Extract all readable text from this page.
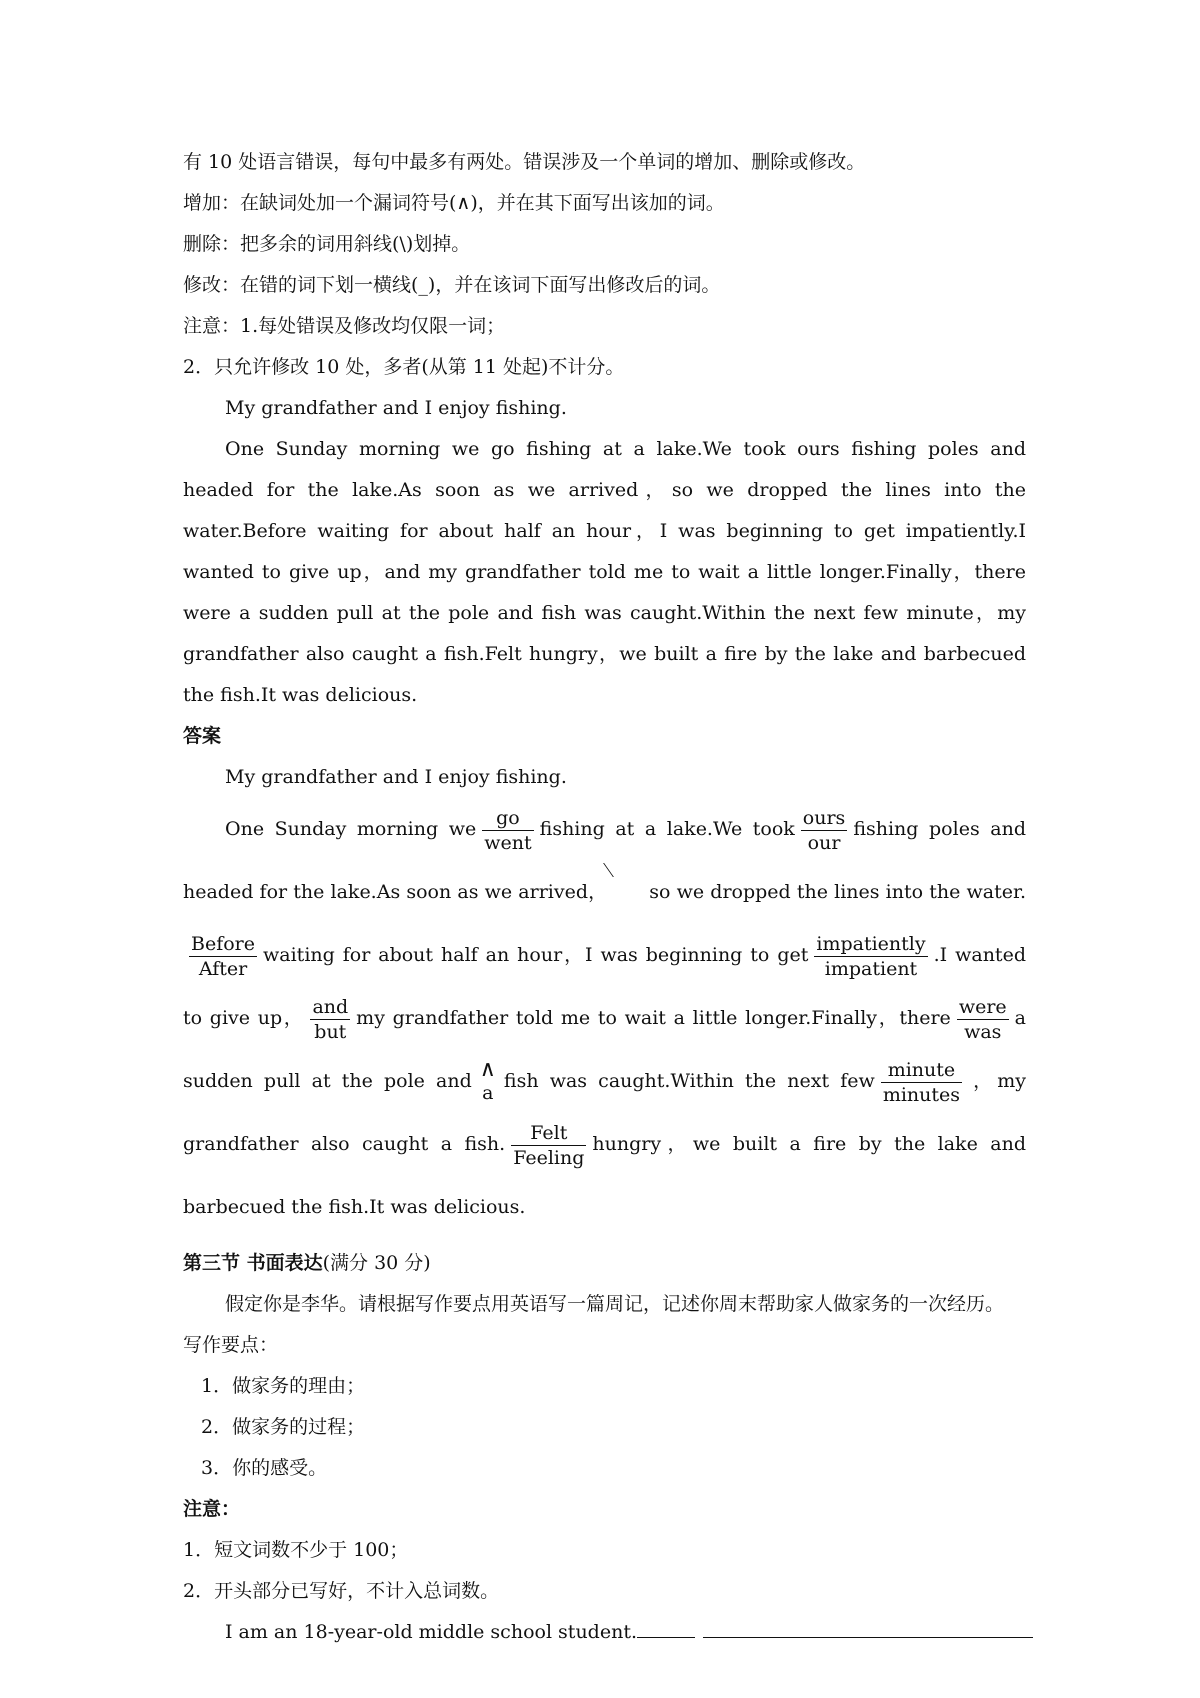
有 10 处语言错误，每句中最多有两处。错误涉及一个单词的增加、删除或修改。

增加：在缺词处加一个漏词符号(∧)，并在其下面写出该加的词。

删除：把多余的词用斜线(\)划掉。

修改：在错的词下划一横线(_)，并在该词下面写出修改后的词。

注意：1.每处错误及修改均仅限一词；

2．只允许修改 10 处，多者(从第 11 处起)不计分。

My grandfather and I enjoy fishing.

One Sunday morning we go fishing at a lake.We took ours fishing poles and headed for the lake.As soon as we arrived，so we dropped the lines into the water.Before waiting for about half an hour，I was beginning to get impatiently.I wanted to give up，and my grandfather told me to wait a little longer.Finally，there were a sudden pull at the pole and fish was caught.Within the next few minute，my grandfather also caught a fish.Felt hungry，we built a fire by the lake and barbecued the fish.It was delicious.

答案

My grandfather and I enjoy fishing.

One Sunday morning we
go
went
fishing at a lake.We took
ours
our
fishing poles and headed for the lake.As soon as we arrived， so we dropped the lines into the water.
Before
After
waiting for about half an hour，I was beginning to get
impatiently
impatient
.I wanted to give up，
and
but
my grandfather told me to wait a little longer.Finally，there
were
was
a sudden pull at the pole and ∧
a
fish was caught.Within the next few
minute
minutes
，my grandfather also caught a fish.
Felt
Feeling
hungry，we built a fire by the lake and barbecued the fish.It was delicious.

第三节 书面表达(满分 30 分)

假定你是李华。请根据写作要点用英语写一篇周记，记述你周末帮助家人做家务的一次经历。

写作要点：

1．做家务的理由；

2．做家务的过程；

3．你的感受。

注意：

1．短文词数不少于 100；

2．开头部分已写好，不计入总词数。

I am an 18-year-old middle school student.
